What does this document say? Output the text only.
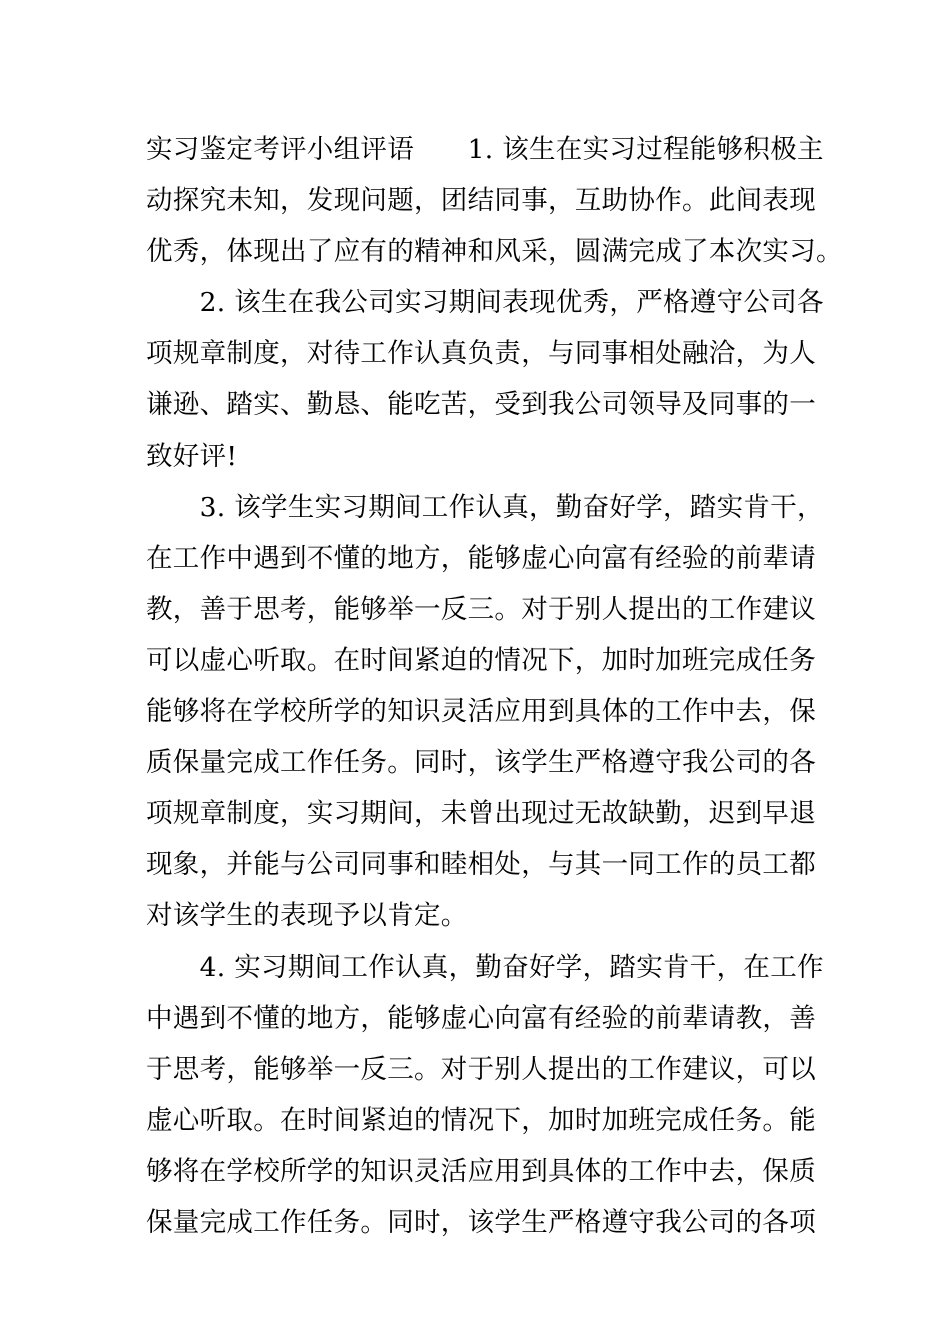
实习鉴定考评小组评语　　1. 该生在实习过程能够积极主
动探究未知，发现问题，团结同事，互助协作。此间表现
优秀，体现出了应有的精神和风采，圆满完成了本次实习。
　　2. 该生在我公司实习期间表现优秀，严格遵守公司各
项规章制度，对待工作认真负责，与同事相处融洽，为人
谦逊、踏实、勤恳、能吃苦，受到我公司领导及同事的一
致好评!
　　3. 该学生实习期间工作认真，勤奋好学，踏实肯干，
在工作中遇到不懂的地方，能够虚心向富有经验的前辈请
教，善于思考，能够举一反三。对于别人提出的工作建议
可以虚心听取。在时间紧迫的情况下，加时加班完成任务
能够将在学校所学的知识灵活应用到具体的工作中去，保
质保量完成工作任务。同时，该学生严格遵守我公司的各
项规章制度，实习期间，未曾出现过无故缺勤，迟到早退
现象，并能与公司同事和睦相处，与其一同工作的员工都
对该学生的表现予以肯定。
　　4. 实习期间工作认真，勤奋好学，踏实肯干，在工作
中遇到不懂的地方，能够虚心向富有经验的前辈请教，善
于思考，能够举一反三。对于别人提出的工作建议，可以
虚心听取。在时间紧迫的情况下，加时加班完成任务。能
够将在学校所学的知识灵活应用到具体的工作中去，保质
保量完成工作任务。同时，该学生严格遵守我公司的各项
